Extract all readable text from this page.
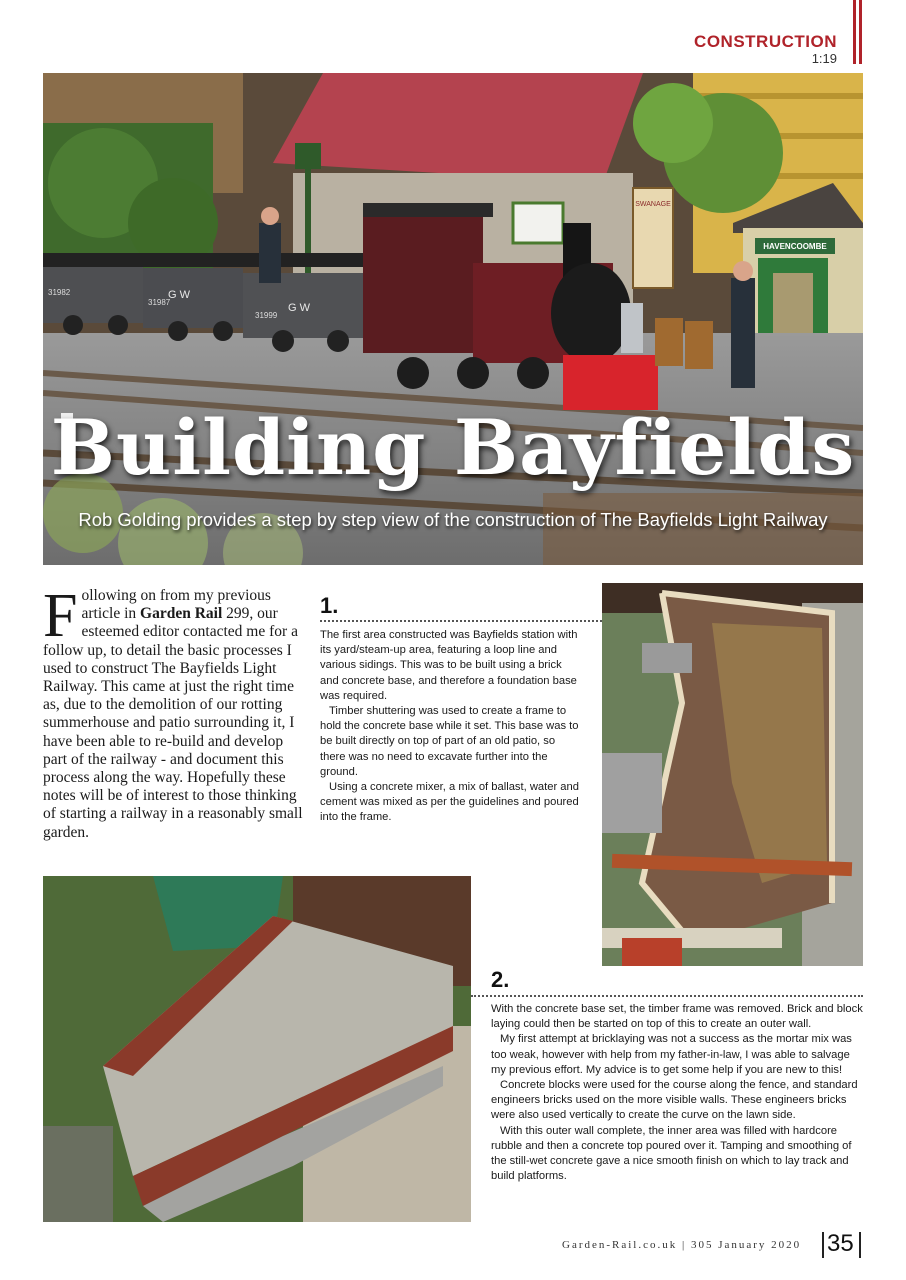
CONSTRUCTION
1:19
SWANAGE
HAVENCOOMBE
31982
31987
31999
G W
G W
Building Bayfields
Rob Golding provides a step by step view of the construction of The Bayfields Light Railway
Following on from my previous article in Garden Rail 299, our esteemed editor contacted me for a follow up, to detail the basic processes I used to construct The Bayfields Light Railway. This came at just the right time as, due to the demolition of our rotting summerhouse and patio surrounding it, I have been able to re-build and develop part of the railway - and document this process along the way. Hopefully these notes will be of interest to those thinking of starting a railway in a reasonably small garden.
1.

The first area constructed was Bayfields station with its yard/steam-up area, featuring a loop line and various sidings. This was to be built using a brick and concrete base, and therefore a foundation base was required.

Timber shuttering was used to create a frame to hold the concrete base while it set. This base was to be built directly on top of part of an old patio, so there was no need to excavate further into the ground.

Using a concrete mixer, a mix of ballast, water and cement was mixed as per the guidelines and poured into the frame.

2.

With the concrete base set, the timber frame was removed. Brick and block laying could then be started on top of this to create an outer wall.

My first attempt at bricklaying was not a success as the mortar mix was too weak, however with help from my father-in-law, I was able to salvage my previous effort. My advice is to get some help if you are new to this!

Concrete blocks were used for the course along the fence, and standard engineers bricks used on the more visible walls. These engineers bricks were also used vertically to create the curve on the lawn side.

With this outer wall complete, the inner area was filled with hardcore rubble and then a concrete top poured over it. Tamping and smoothing of the still-wet concrete gave a nice smooth finish on which to lay track and build platforms.

Garden-Rail.co.uk | 305 January 2020 35
